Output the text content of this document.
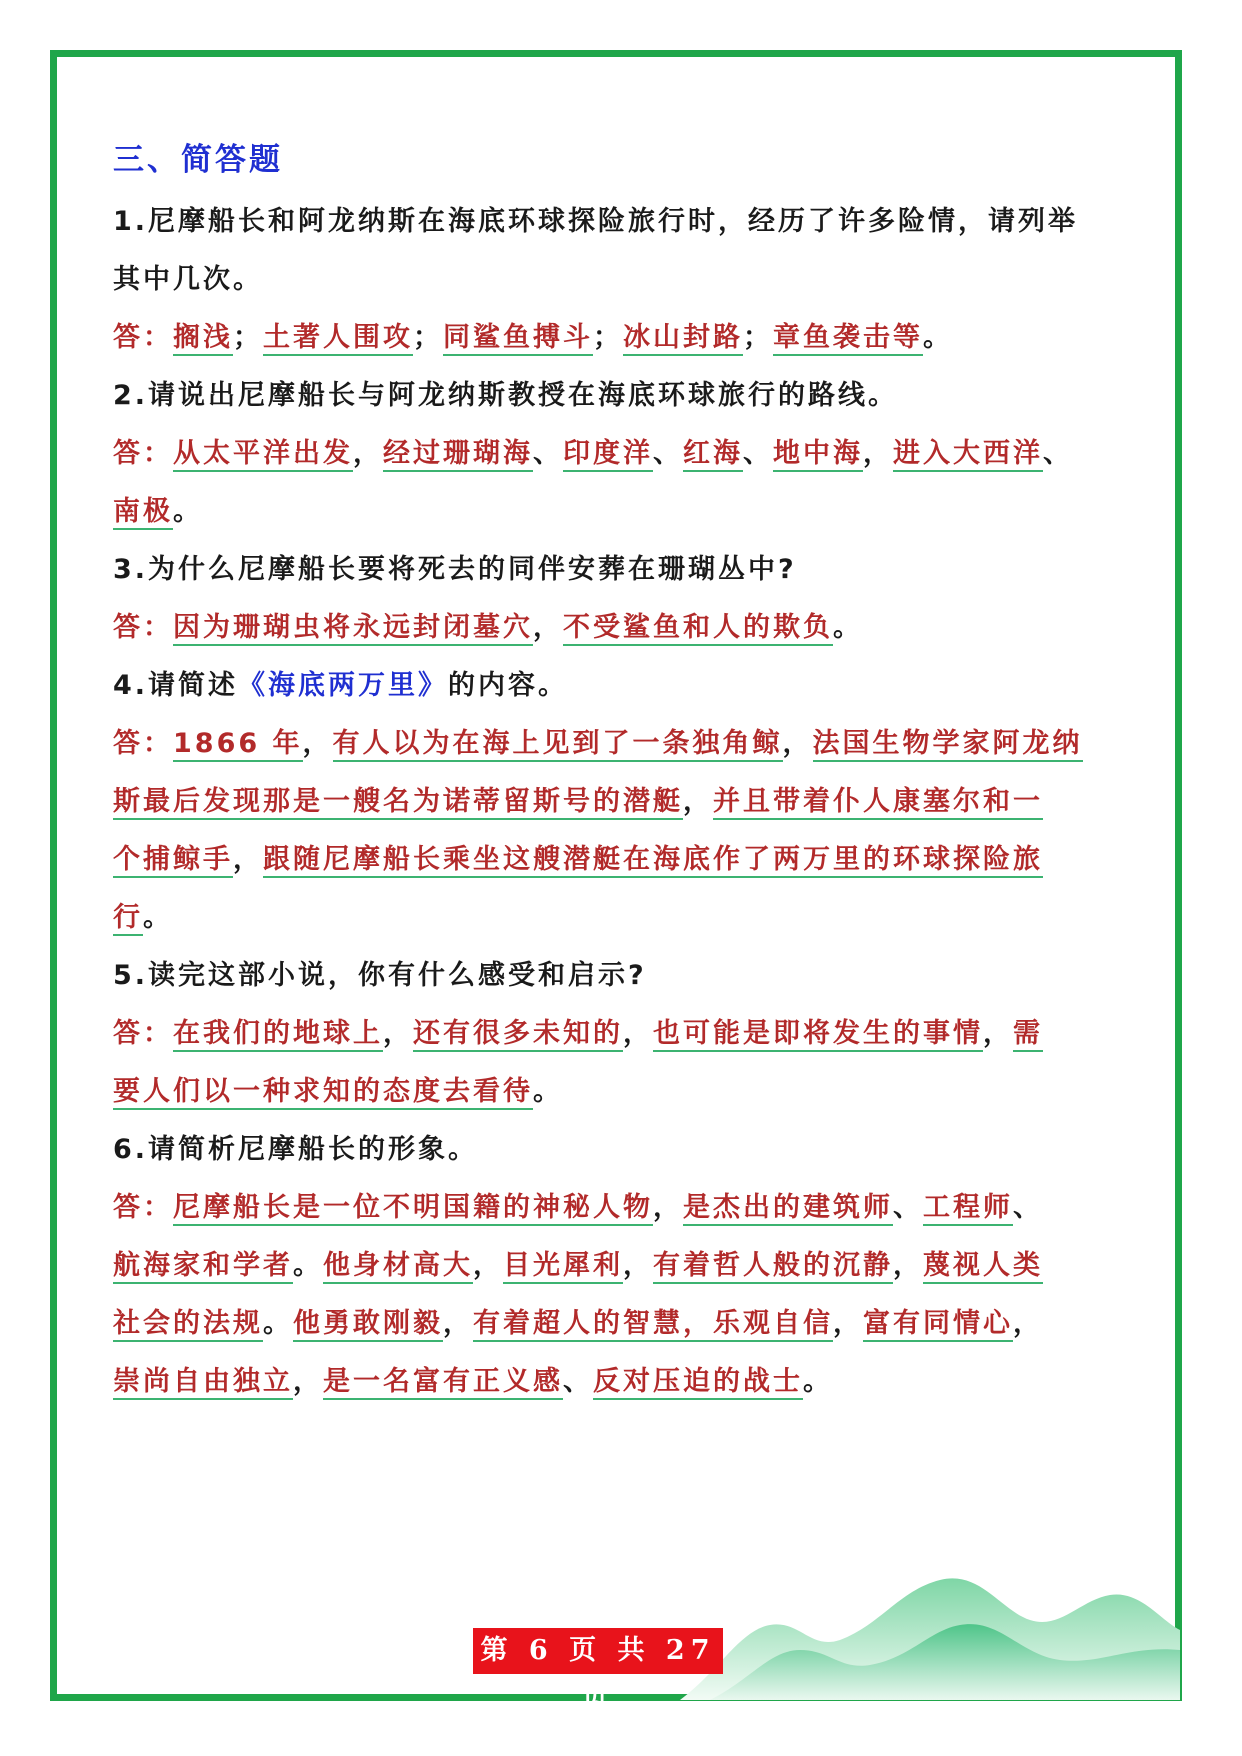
三、简答题
1.尼摩船长和阿龙纳斯在海底环球探险旅行时，经历了许多险情，请列举
其中几次。
答：搁浅；土著人围攻；同鲨鱼搏斗；冰山封路；章鱼袭击等。
2.请说出尼摩船长与阿龙纳斯教授在海底环球旅行的路线。
答：从太平洋出发，经过珊瑚海、印度洋、红海、地中海，进入大西洋、
南极。
3.为什么尼摩船长要将死去的同伴安葬在珊瑚丛中?
答：因为珊瑚虫将永远封闭墓穴，不受鲨鱼和人的欺负。
4.请简述《海底两万里》的内容。
答：1866 年，有人以为在海上见到了一条独角鲸，法国生物学家阿龙纳
斯最后发现那是一艘名为诺蒂留斯号的潜艇，并且带着仆人康塞尔和一
个捕鲸手，跟随尼摩船长乘坐这艘潜艇在海底作了两万里的环球探险旅
行。
5.读完这部小说，你有什么感受和启示?
答：在我们的地球上，还有很多未知的，也可能是即将发生的事情，需
要人们以一种求知的态度去看待。
6.请简析尼摩船长的形象。
答：尼摩船长是一位不明国籍的神秘人物，是杰出的建筑师、工程师、
航海家和学者。他身材高大，目光犀利，有着哲人般的沉静，蔑视人类
社会的法规。他勇敢刚毅，有着超人的智慧，乐观自信，富有同情心，
崇尚自由独立，是一名富有正义感、反对压迫的战士。
第 6 页 共 27 页
